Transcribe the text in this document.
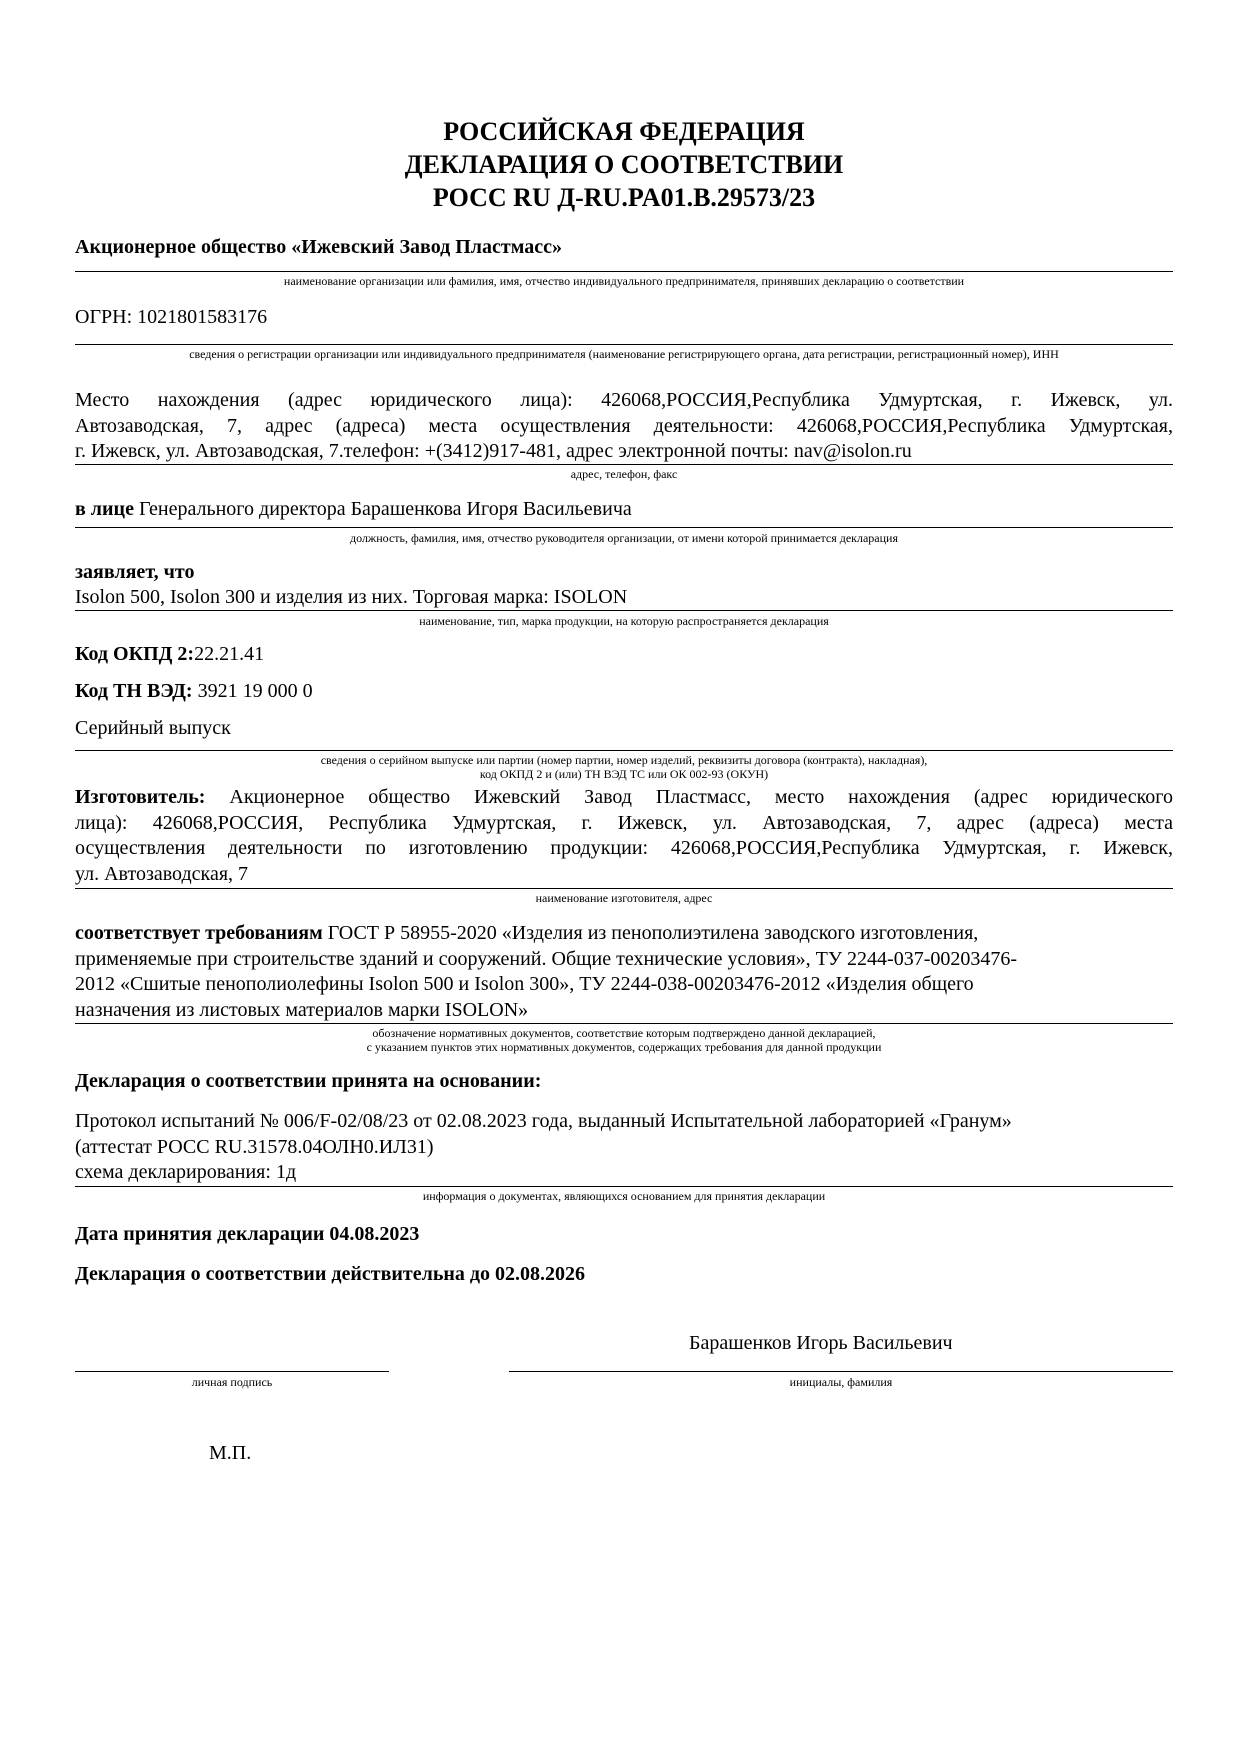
РОССИЙСКАЯ ФЕДЕРАЦИЯ
ДЕКЛАРАЦИЯ О СООТВЕТСТВИИ
РОСС RU Д-RU.PA01.B.29573/23
Акционерное общество «Ижевский Завод Пластмасс»
наименование организации или фамилия, имя, отчество индивидуального предпринимателя, принявших декларацию о соответствии
ОГРН: 1021801583176
сведения о регистрации организации или индивидуального предпринимателя (наименование регистрирующего органа, дата регистрации, регистрационный номер), ИНН
Место нахождения (адрес юридического лица): 426068,РОССИЯ,Республика Удмуртская, г. Ижевск, ул.
Автозаводская, 7, адрес (адреса) места осуществления деятельности: 426068,РОССИЯ,Республика Удмуртская,
г. Ижевск, ул. Автозаводская, 7.телефон: +(3412)917-481, адрес электронной почты: nav@isolon.ru
адрес, телефон, факс
в лице Генерального директора Барашенкова Игоря Васильевича
должность, фамилия, имя, отчество руководителя организации, от имени которой принимается декларация
заявляет, что
Isolon 500, Isolon 300 и изделия из них. Торговая марка: ISOLON
наименование, тип, марка продукции, на которую распространяется декларация
Код ОКПД 2:22.21.41
Код ТН ВЭД: 3921 19 000 0
Серийный выпуск
сведения о серийном выпуске или партии (номер партии, номер изделий, реквизиты договора (контракта), накладная),
код ОКПД 2 и (или) ТН ВЭД ТС или ОК 002-93 (ОКУН)
Изготовитель: Акционерное общество Ижевский Завод Пластмасс, место нахождения (адрес юридического
лица): 426068,РОССИЯ, Республика Удмуртская, г. Ижевск, ул. Автозаводская, 7, адрес (адреса) места
осуществления деятельности по изготовлению продукции: 426068,РОССИЯ,Республика Удмуртская, г. Ижевск,
ул. Автозаводская, 7
наименование изготовителя, адрес
соответствует требованиям ГОСТ Р 58955-2020 «Изделия из пенополиэтилена заводского изготовления,
применяемые при строительстве зданий и сооружений. Общие технические условия», ТУ 2244-037-00203476-
2012 «Сшитые пенополиолефины Isolon 500 и Isolon 300», ТУ 2244-038-00203476-2012 «Изделия общего
назначения из листовых материалов марки ISOLON»
обозначение нормативных документов, соответствие которым подтверждено данной декларацией,
с указанием пунктов этих нормативных документов, содержащих требования для данной продукции
Декларация о соответствии принята на основании:
Протокол испытаний № 006/F-02/08/23 от 02.08.2023 года, выданный Испытательной лабораторией «Гранум»
(аттестат РОСС RU.31578.04ОЛН0.ИЛ31)
схема декларирования: 1д
информация о документах, являющихся основанием для принятия декларации
Дата принятия декларации 04.08.2023
Декларация о соответствии действительна до 02.08.2026
Барашенков Игорь Васильевич
личная подпись	инициалы, фамилия
М.П.
